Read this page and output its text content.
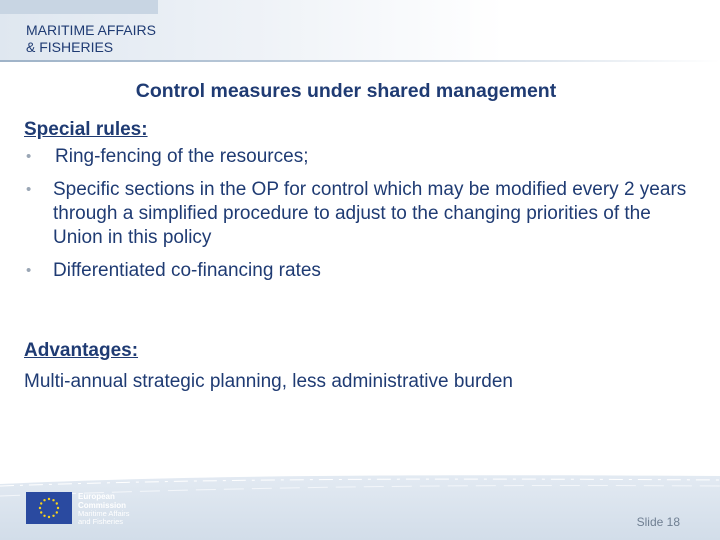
MARITIME AFFAIRS
& FISHERIES
Control measures under shared management
Special rules:
• Ring-fencing of the resources;
• Specific sections in the OP for control which may be modified every 2 years through a simplified procedure to adjust to the changing priorities of the Union in this policy
• Differentiated co-financing rates
Advantages:
Multi-annual strategic planning, less administrative burden
European
Commission
Maritime Affairs
and Fisheries	Slide 18
